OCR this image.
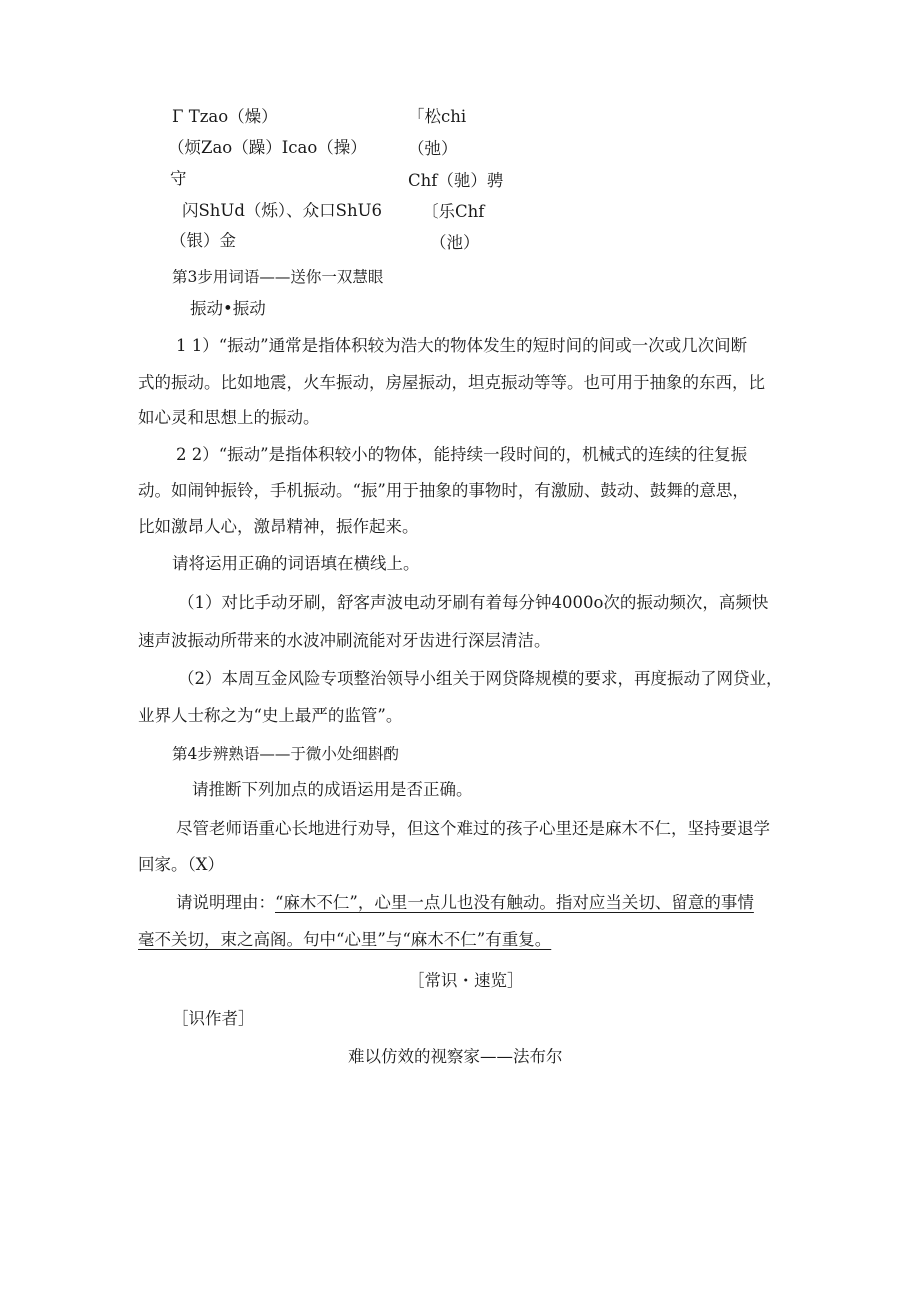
Γ Tzao（燥）
（烦Zao（躁）Icao（操）
守
闪ShUd（烁）、众口ShU6
（银）金
「松chi
（弛）
Chf（驰）骋
〔乐Chf
（池）
第3步用词语——送你一双慧眼
振动•振动
1 1）“振动”通常是指体积较为浩大的物体发生的短时间的间或一次或几次间断
式的振动。比如地震，火车振动，房屋振动，坦克振动等等。也可用于抽象的东西，比
如心灵和思想上的振动。
2 2）“振动”是指体积较小的物体，能持续一段时间的，机械式的连续的往复振
动。如闹钟振铃，手机振动。“振”用于抽象的事物时，有激励、鼓动、鼓舞的意思，
比如激昂人心，激昂精神，振作起来。
请将运用正确的词语填在横线上。
（1）对比手动牙刷，舒客声波电动牙刷有着每分钟4000o次的振动频次，高频快
速声波振动所带来的水波冲刷流能对牙齿进行深层清洁。
（2）本周互金风险专项整治领导小组关于网贷降规模的要求，再度振动了网贷业，
业界人士称之为“史上最严的监管”。
第4步辨熟语——于微小处细斟酌
请推断下列加点的成语运用是否正确。
尽管老师语重心长地进行劝导，但这个难过的孩子心里还是麻木不仁，坚持要退学
回家。（X）
请说明理由：“麻木不仁”，心里一点儿也没有触动。指对应当关切、留意的事情
毫不关切，束之高阁。句中“心里”与“麻木不仁”有重复。
［常识・速览］
［识作者］
难以仿效的视察家——法布尔
